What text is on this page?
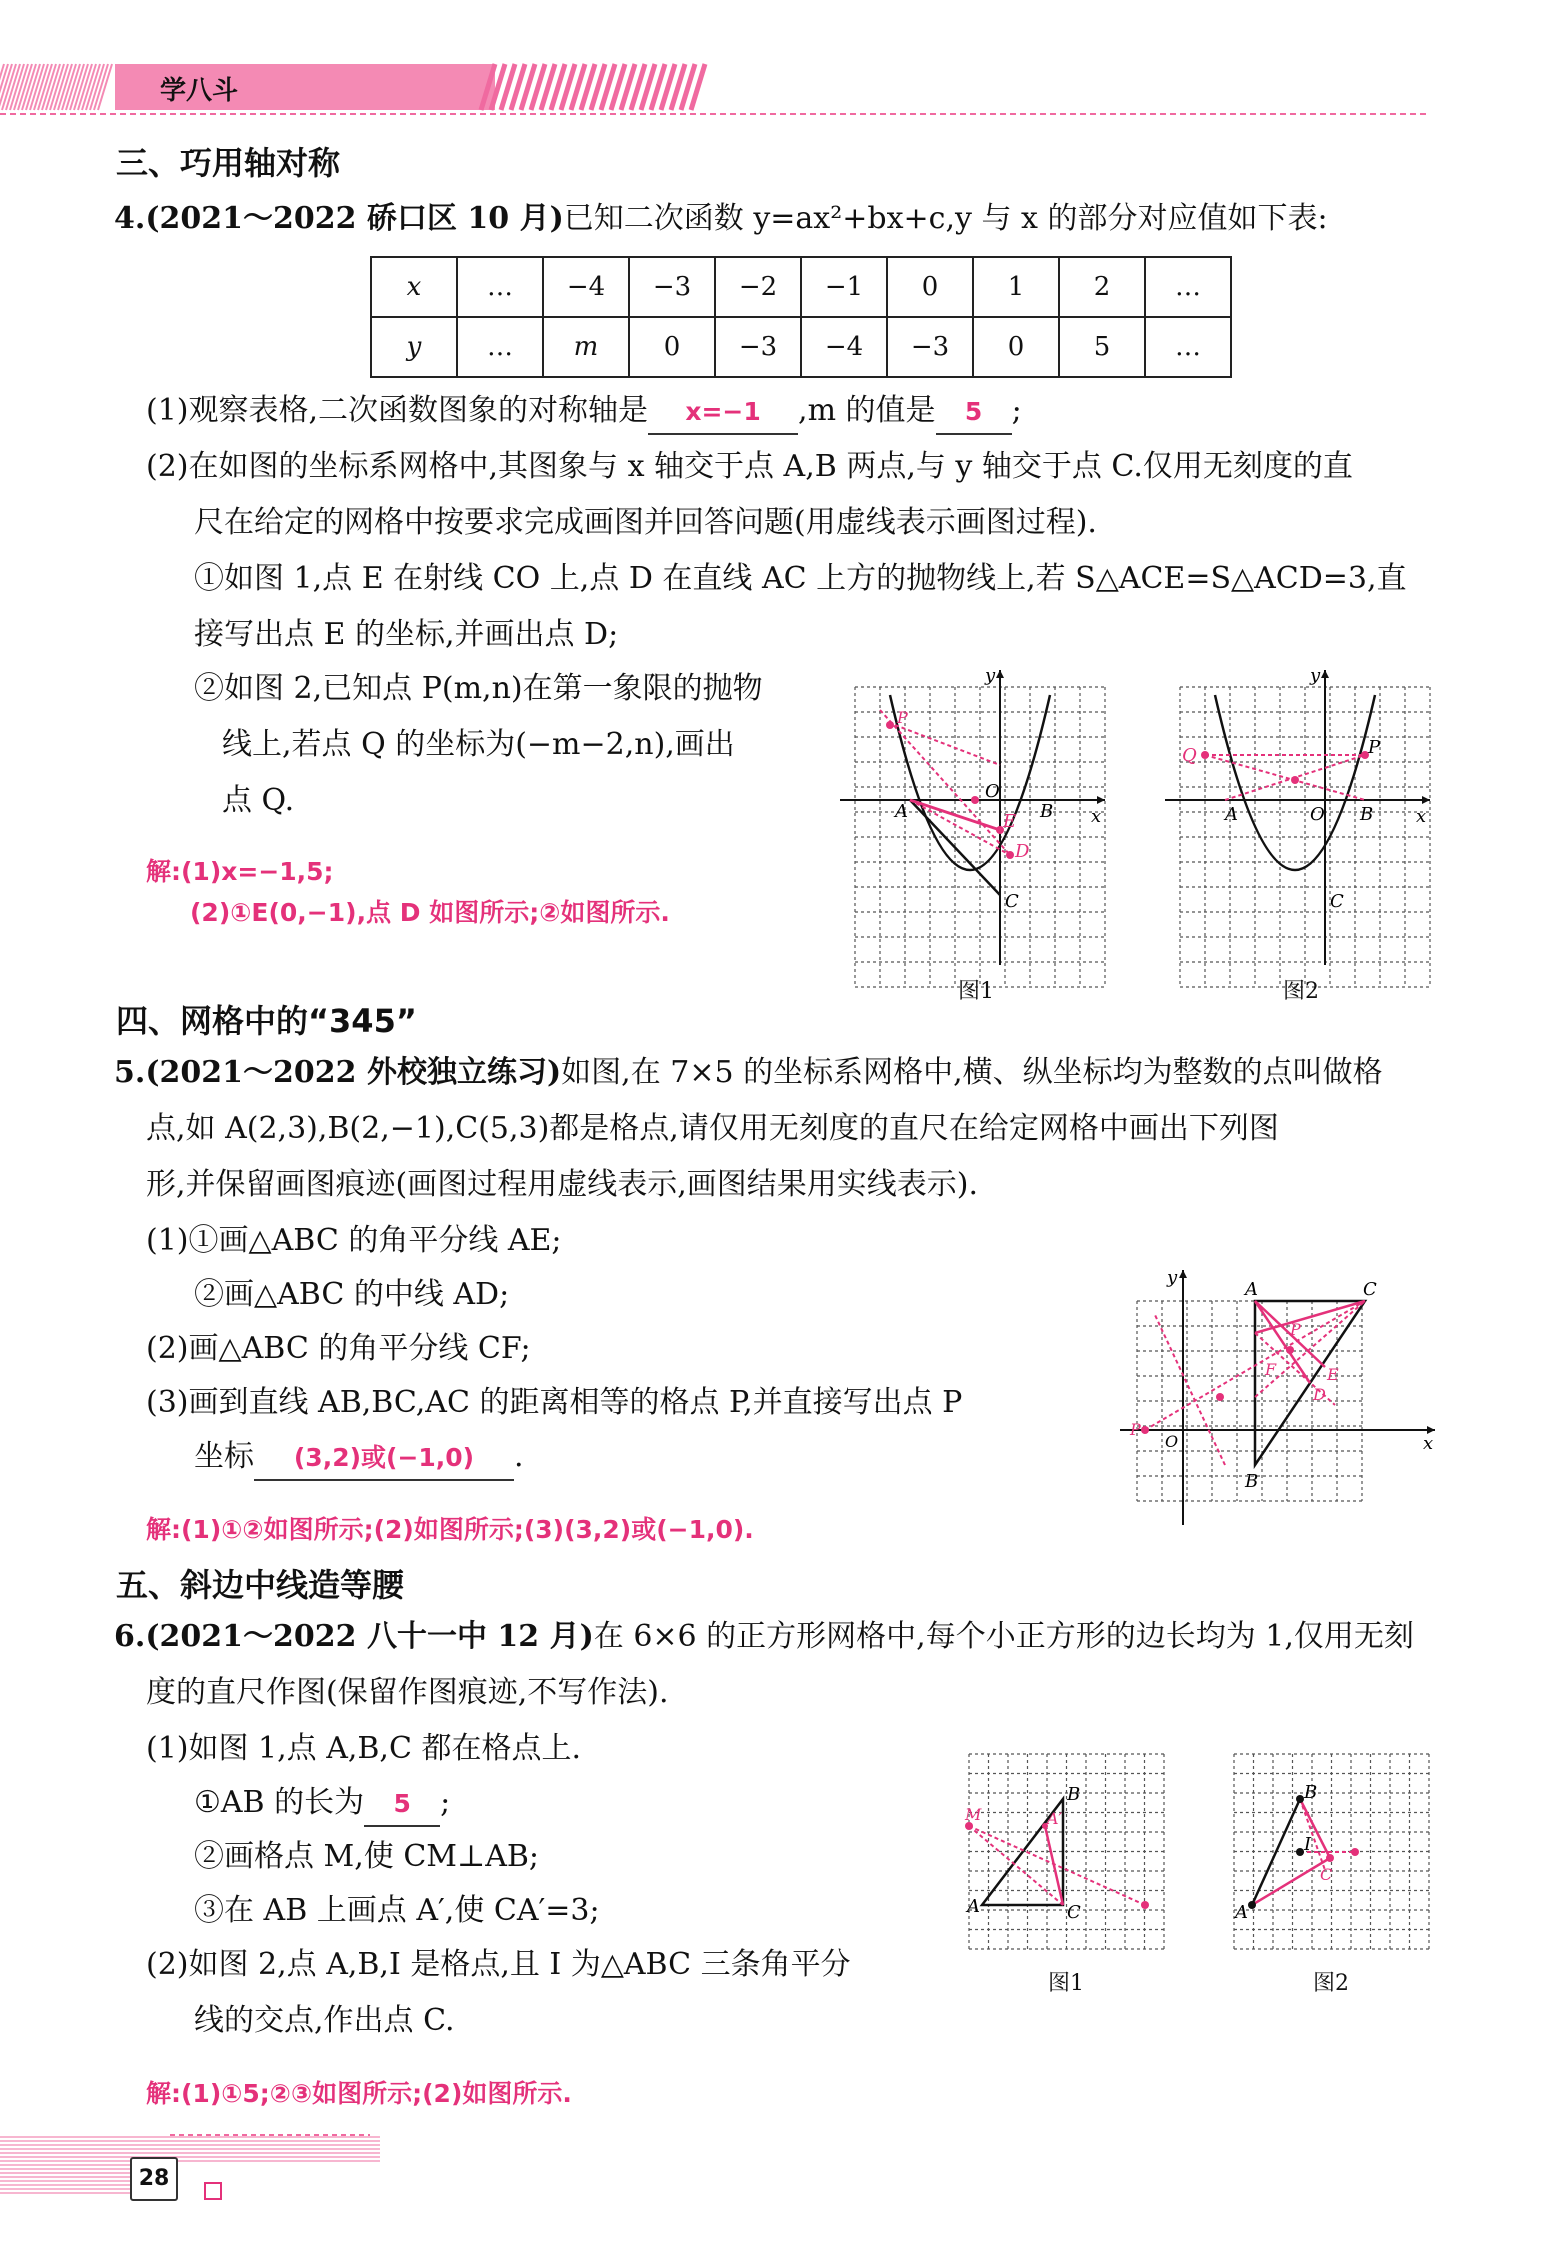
学八斗
三、巧用轴对称
4.(2021～2022 硚口区 10 月)已知二次函数 y=ax²+bx+c,y 与 x 的部分对应值如下表:
x	…	−4	−3	−2	−1	0	1	2	…
y	…	m	0	−3	−4	−3	0	5	…
(1)观察表格,二次函数图象的对称轴是 x=−1 ,m 的值是 5 ;
(2)在如图的坐标系网格中,其图象与 x 轴交于点 A,B 两点,与 y 轴交于点 C.仅用无刻度的直
尺在给定的网格中按要求完成画图并回答问题(用虚线表示画图过程).
①如图 1,点 E 在射线 CO 上,点 D 在直线 AC 上方的抛物线上,若 S△ACE=S△ACD=3,直
接写出点 E 的坐标,并画出点 D;
②如图 2,已知点 P(m,n)在第一象限的抛物
线上,若点 Q 的坐标为(−m−2,n),画出
点 Q.
解:(1)x=−1,5;
(2)①E(0,−1),点 D 如图所示;②如图所示.
O
A	B
C
E
D
P
x
y
图1
O
A	B
C
P
Q
x
y
图2
四、网格中的“345”
5.(2021～2022 外校独立练习)如图,在 7×5 的坐标系网格中,横、纵坐标均为整数的点叫做格
点,如 A(2,3),B(2,−1),C(5,3)都是格点,请仅用无刻度的直尺在给定网格中画出下列图
形,并保留画图痕迹(画图过程用虚线表示,画图结果用实线表示).
(1)①画△ABC 的角平分线 AE;
②画△ABC 的中线 AD;
(2)画△ABC 的角平分线 CF;
(3)画到直线 AB,BC,AC 的距离相等的格点 P,并直接写出点 P
坐标 (3,2)或(−1,0) .
解:(1)①②如图所示;(2)如图所示;(3)(3,2)或(−1,0).
A	C
B
P
F	E
D
P
O	x
y
五、斜边中线造等腰
6.(2021～2022 八十一中 12 月)在 6×6 的正方形网格中,每个小正方形的边长均为 1,仅用无刻
度的直尺作图(保留作图痕迹,不写作法).
(1)如图 1,点 A,B,C 都在格点上.
①AB 的长为 5 ;
②画格点 M,使 CM⊥AB;
③在 AB 上画点 A′,使 CA′=3;
(2)如图 2,点 A,B,I 是格点,且 I 为△ABC 三条角平分
线的交点,作出点 C.
解:(1)①5;②③如图所示;(2)如图所示.
A
B
C
M	A′
图1
A
B
I
C
图2
28
